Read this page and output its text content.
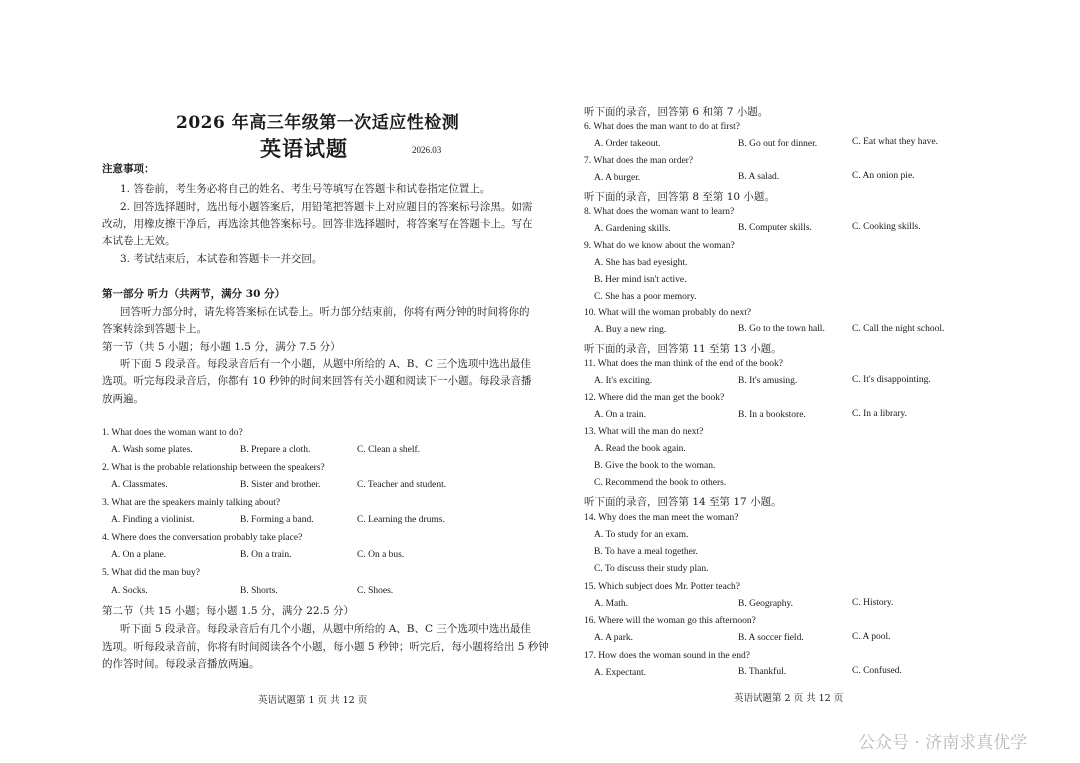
2026 年高三年级第一次适应性检测
英语试题	2026.03
注意事项：
1. 答卷前，考生务必将自己的姓名、考生号等填写在答题卡和试卷指定位置上。
2. 回答选择题时，选出每小题答案后，用铅笔把答题卡上对应题目的答案标号涂黑。如需
改动，用橡皮擦干净后，再选涂其他答案标号。回答非选择题时，将答案写在答题卡上。写在
本试卷上无效。
3. 考试结束后，本试卷和答题卡一并交回。
第一部分 听力（共两节，满分 30 分）
回答听力部分时，请先将答案标在试卷上。听力部分结束前，你将有两分钟的时间将你的
答案转涂到答题卡上。
第一节（共 5 小题；每小题 1.5 分，满分 7.5 分）
听下面 5 段录音。每段录音后有一个小题，从题中所给的 A、B、C 三个选项中选出最佳
选项。听完每段录音后，你都有 10 秒钟的时间来回答有关小题和阅读下一小题。每段录音播
放两遍。
1. What does the woman want to do?
A. Wash some plates.	B. Prepare a cloth.	C. Clean a shelf.
2. What is the probable relationship between the speakers?
A. Classmates.	B. Sister and brother.	C. Teacher and student.
3. What are the speakers mainly talking about?
A. Finding a violinist.	B. Forming a band.	C. Learning the drums.
4. Where does the conversation probably take place?
A. On a plane.	B. On a train.	C. On a bus.
5. What did the man buy?
A. Socks.	B. Shorts.	C. Shoes.
第二节（共 15 小题；每小题 1.5 分，满分 22.5 分）
听下面 5 段录音。每段录音后有几个小题，从题中所给的 A、B、C 三个选项中选出最佳
选项。听每段录音前，你将有时间阅读各个小题，每小题 5 秒钟；听完后，每小题将给出 5 秒钟
的作答时间。每段录音播放两遍。
英语试题第 1 页 共 12 页
听下面的录音，回答第 6 和第 7 小题。
6. What does the man want to do at first?
A. Order takeout.	B. Go out for dinner.	C. Eat what they have.
7. What does the man order?
A. A burger.	B. A salad.	C. An onion pie.
听下面的录音，回答第 8 至第 10 小题。
8. What does the woman want to learn?
A. Gardening skills.	B. Computer skills.	C. Cooking skills.
9. What do we know about the woman?
A. She has bad eyesight.
B. Her mind isn't active.
C. She has a poor memory.
10. What will the woman probably do next?
A. Buy a new ring.	B. Go to the town hall.	C. Call the night school.
听下面的录音，回答第 11 至第 13 小题。
11. What does the man think of the end of the book?
A. It's exciting.	B. It's amusing.	C. It's disappointing.
12. Where did the man get the book?
A. On a train.	B. In a bookstore.	C. In a library.
13. What will the man do next?
A. Read the book again.
B. Give the book to the woman.
C. Recommend the book to others.
听下面的录音，回答第 14 至第 17 小题。
14. Why does the man meet the woman?
A. To study for an exam.
B. To have a meal together.
C. To discuss their study plan.
15. Which subject does Mr. Potter teach?
A. Math.	B. Geography.	C. History.
16. Where will the woman go this afternoon?
A. A park.	B. A soccer field.	C. A pool.
17. How does the woman sound in the end?
A. Expectant.	B. Thankful.	C. Confused.
英语试题第 2 页 共 12 页
公众号 · 济南求真优学
